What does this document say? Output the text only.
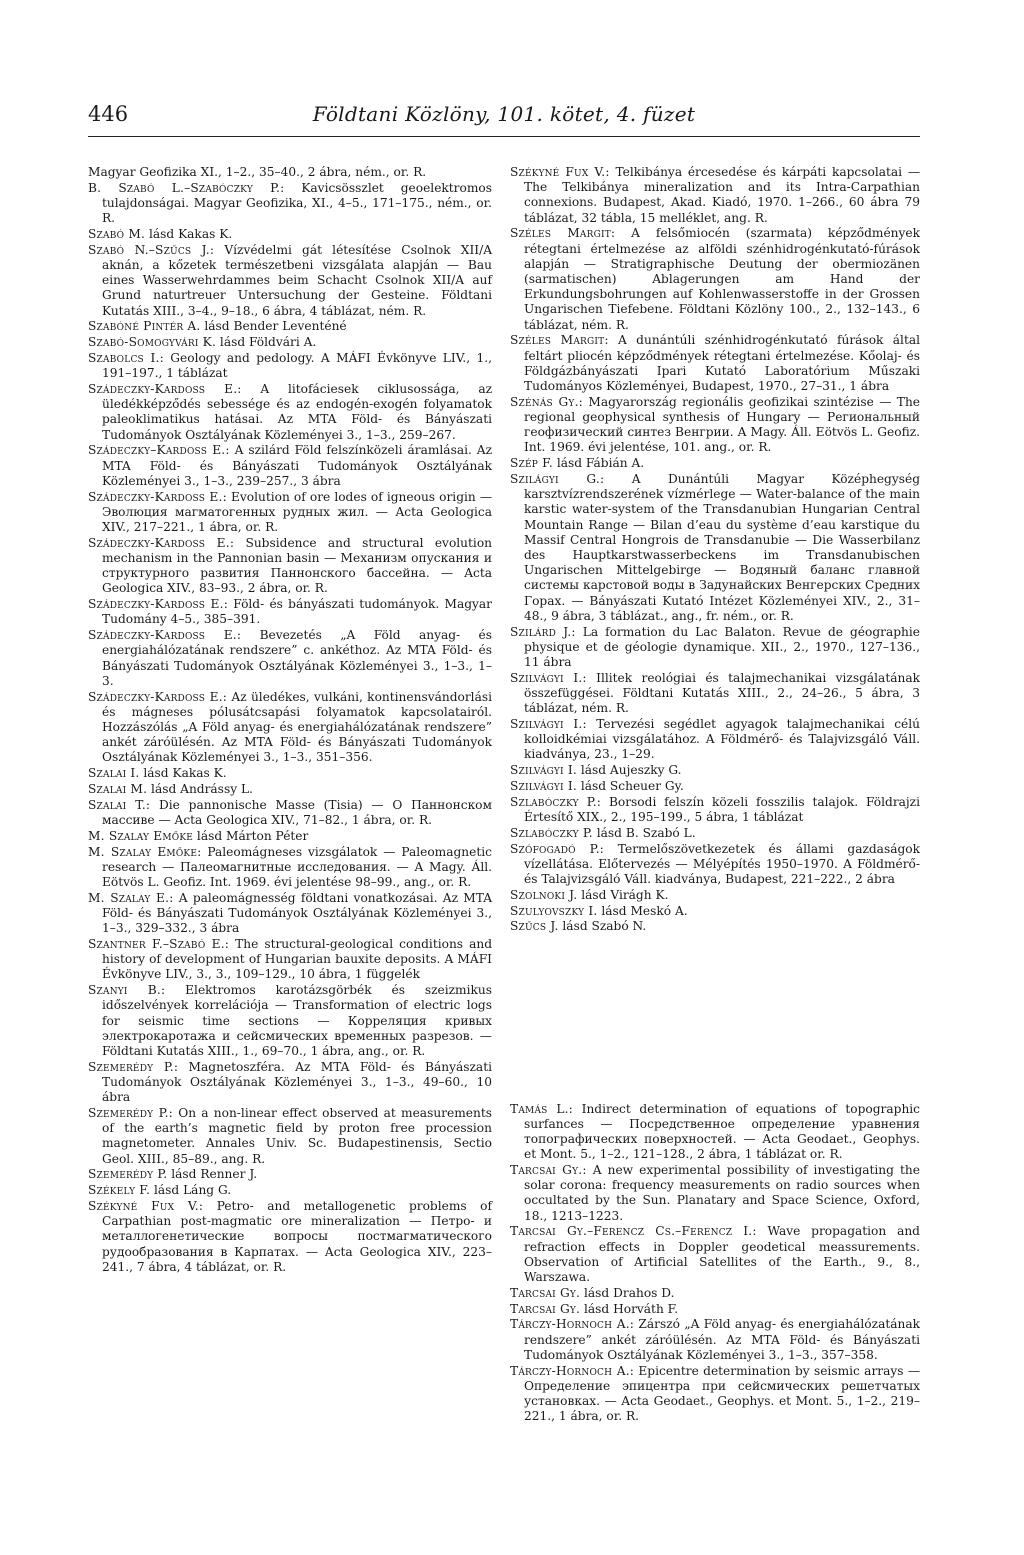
446	Földtani Közlöny, 101. kötet, 4. füzet

Magyar Geofizika XI., 1–2., 35–40., 2 ábra, ném., or. R.

B. Szabó L.–Szabóczky P.: Kavicsösszlet geoelektromos tulajdonságai. Magyar Geofizika, XI., 4–5., 171–175., ném., or. R.

Szabó M. lásd Kakas K.

Szabó N.–Szűcs J.: Vízvédelmi gát létesítése Csolnok XII/A aknán, a kőzetek természetbeni vizsgálata alapján — Bau eines Wasserwehrdammes beim Schacht Csolnok XII/A auf Grund naturtreuer Untersuchung der Gesteine. Földtani Kutatás XIII., 3–4., 9–18., 6 ábra, 4 táblázat, ném. R.

Szabóné Pintér A. lásd Bender Leventéné

Szabó-Somogyvári K. lásd Földvári A.

Szabolcs I.: Geology and pedology. A MÁFI Évkönyve LIV., 1., 191–197., 1 táblázat

Szádeczky-Kardoss E.: A litofáciesek ciklusossága, az üledékképződés sebessége és az endogén-exogén folyamatok paleoklimatikus hatásai. Az MTA Föld- és Bányászati Tudományok Osztályának Közleményei 3., 1–3., 259–267.

Szádeczky–Kardoss E.: A szilárd Föld felszínközeli áramlásai. Az MTA Föld- és Bányászati Tudományok Osztályának Közleményei 3., 1–3., 239–257., 3 ábra

Szádeczky-Kardoss E.: Evolution of ore lodes of igneous origin — Эволюция магматогенных рудных жил. — Acta Geologica XIV., 217–221., 1 ábra, or. R.

Szádeczky-Kardoss E.: Subsidence and structural evolution mechanism in the Pannonian basin — Механизм опускания и структурного развития Паннонского бассейна. — Acta Geologica XIV., 83–93., 2 ábra, or. R.

Szádeczky-Kardoss E.: Föld- és bányászati tudományok. Magyar Tudomány 4–5., 385–391.

Szádeczky-Kardoss E.: Bevezetés „A Föld anyag- és energiahálózatának rendszere” c. ankéthoz. Az MTA Föld- és Bányászati Tudományok Osztályának Közleményei 3., 1–3., 1–3.

Szádeczky-Kardoss E.: Az üledékes, vulkáni, kontinensvándorlási és mágneses pólusátcsapási folyamatok kapcsolatairól. Hozzászólás „A Föld anyag- és energiahálózatának rendszere” ankét záróülésén. Az MTA Föld- és Bányászati Tudományok Osztályának Közleményei 3., 1–3., 351–356.

Szalai I. lásd Kakas K.

Szalai M. lásd Andrássy L.

Szalai T.: Die pannonische Masse (Tisia) — О Паннонском массиве — Acta Geologica XIV., 71–82., 1 ábra, or. R.

M. Szalay Emőke lásd Márton Péter

M. Szalay Emőke: Paleomágneses vizsgálatok — Paleomagnetic research — Палеомагнитные исследования. — A Magy. Áll. Eötvös L. Geofiz. Int. 1969. évi jelentése 98–99., ang., or. R.

M. Szalay E.: A paleomágnesség földtani vonatkozásai. Az MTA Föld- és Bányászati Tudományok Osztályának Közleményei 3., 1–3., 329–332., 3 ábra

Szantner F.–Szabó E.: The structural-geological conditions and history of development of Hungarian bauxite deposits. A MÁFI Évkönyve LIV., 3., 3., 109–129., 10 ábra, 1 függelék

Szanyi B.: Elektromos karotázsgörbék és szeizmikus időszelvények korrelációja — Transformation of electric logs for seismic time sections — Корреляция кривых электрокаротажа и сейсмических временных разрезов. — Földtani Kutatás XIII., 1., 69–70., 1 ábra, ang., or. R.

Szemerédy P.: Magnetoszféra. Az MTA Föld- és Bányászati Tudományok Osztályának Közleményei 3., 1–3., 49–60., 10 ábra

Szemerédy P.: On a non-linear effect observed at measurements of the earth’s magnetic field by proton free procession magnetometer. Annales Univ. Sc. Budapestinensis, Sectio Geol. XIII., 85–89., ang. R.

Szemerédy P. lásd Renner J.

Székely F. lásd Láng G.

Székyné Fux V.: Petro- and metallogenetic problems of Carpathian post-magmatic ore mineralization — Петро- и металлогенетические вопросы постмагматического рудообразования в Карпатах. — Acta Geologica XIV., 223–241., 7 ábra, 4 táblázat, or. R.

Székyné Fux V.: Telkibánya ércesedése és kárpáti kapcsolatai — The Telkibánya mineralization and its Intra-Carpathian connexions. Budapest, Akad. Kiadó, 1970. 1–266., 60 ábra 79 táblázat, 32 tábla, 15 melléklet, ang. R.

Széles Margit: A felsőmiocén (szarmata) képződmények rétegtani értelmezése az alföldi szénhidrogénkutató-fúrások alapján — Stratigraphische Deutung der obermiozänen (sarmatischen) Ablagerungen am Hand der Erkundungsbohrungen auf Kohlenwasserstoffe in der Grossen Ungarischen Tiefebene. Földtani Közlöny 100., 2., 132–143., 6 táblázat, ném. R.

Széles Margit: A dunántúli szénhidrogénkutató fúrások által feltárt pliocén képződmények rétegtani értelmezése. Kőolaj- és Földgázbányászati Ipari Kutató Laboratórium Műszaki Tudományos Közleményei, Budapest, 1970., 27–31., 1 ábra

Szénás Gy.: Magyarország regionális geofizikai szintézise — The regional geophysical synthesis of Hungary — Региональный геофизический синтез Венгрии. A Magy. Áll. Eötvös L. Geofiz. Int. 1969. évi jelentése, 101. ang., or. R.

Szép F. lásd Fábián A.

Szilágyi G.: A Dunántúli Magyar Középhegység karsztvízrendszerének vízmérlege — Water-balance of the main karstic water-system of the Transdanubian Hungarian Central Mountain Range — Bilan d’eau du système d’eau karstique du Massif Central Hongrois de Transdanubie — Die Wasserbilanz des Hauptkarstwasserbeckens im Transdanubischen Ungarischen Mittelgebirge — Водяный баланс главной системы карстовой воды в Задунайских Венгерских Средних Горах. — Bányászati Kutató Intézet Közleményei XIV., 2., 31–48., 9 ábra, 3 táblázat., ang., fr. ném., or. R.

Szilárd J.: La formation du Lac Balaton. Revue de géographie physique et de géologie dynamique. XII., 2., 1970., 127–136., 11 ábra

Szilvágyi I.: Illitek reológiai és talajmechanikai vizsgálatának összefüggései. Földtani Kutatás XIII., 2., 24–26., 5 ábra, 3 táblázat, ném. R.

Szilvágyi I.: Tervezési segédlet agyagok talajmechanikai célú kolloidkémiai vizsgálatához. A Földmérő- és Talajvizsgáló Váll. kiadványa, 23., 1–29.

Szilvágyi I. lásd Aujeszky G.

Szilvágyi I. lásd Scheuer Gy.

Szlabóczky P.: Borsodi felszín közeli fosszilis talajok. Földrajzi Értesítő XIX., 2., 195–199., 5 ábra, 1 táblázat

Szlabóczky P. lásd B. Szabó L.

Szófogadó P.: Termelőszövetkezetek és állami gazdaságok vízellátása. Előtervezés — Mélyépítés 1950–1970. A Földmérő- és Talajvizsgáló Váll. kiadványa, Budapest, 221–222., 2 ábra

Szolnoki J. lásd Virágh K.

Szulyovszky I. lásd Meskó A.

Szűcs J. lásd Szabó N.

Tamás L.: Indirect determination of equations of topographic surfances — Посредственное определение уравнения топографических поверхностей. — Acta Geodaet., Geophys. et Mont. 5., 1–2., 121–128., 2 ábra, 1 táblázat or. R.

Tarcsai Gy.: A new experimental possibility of investigating the solar corona: frequency measurements on radio sources when occultated by the Sun. Planatary and Space Science, Oxford, 18., 1213–1223.

Tarcsai Gy.–Ferencz Cs.–Ferencz I.: Wave propagation and refraction effects in Doppler geodetical meassurements. Observation of Artificial Satellites of the Earth., 9., 8., Warszawa.

Tarcsai Gy. lásd Drahos D.

Tarcsai Gy. lásd Horváth F.

Tárczy-Hornoch A.: Zárszó „A Föld anyag- és energiahálózatának rendszere” ankét záróülésén. Az MTA Föld- és Bányászati Tudományok Osztályának Közleményei 3., 1–3., 357–358.

Tárczy-Hornoch A.: Epicentre determination by seismic arrays — Определение эпицентра при сейсмических решетчатых установках. — Acta Geodaet., Geophys. et Mont. 5., 1–2., 219–221., 1 ábra, or. R.
